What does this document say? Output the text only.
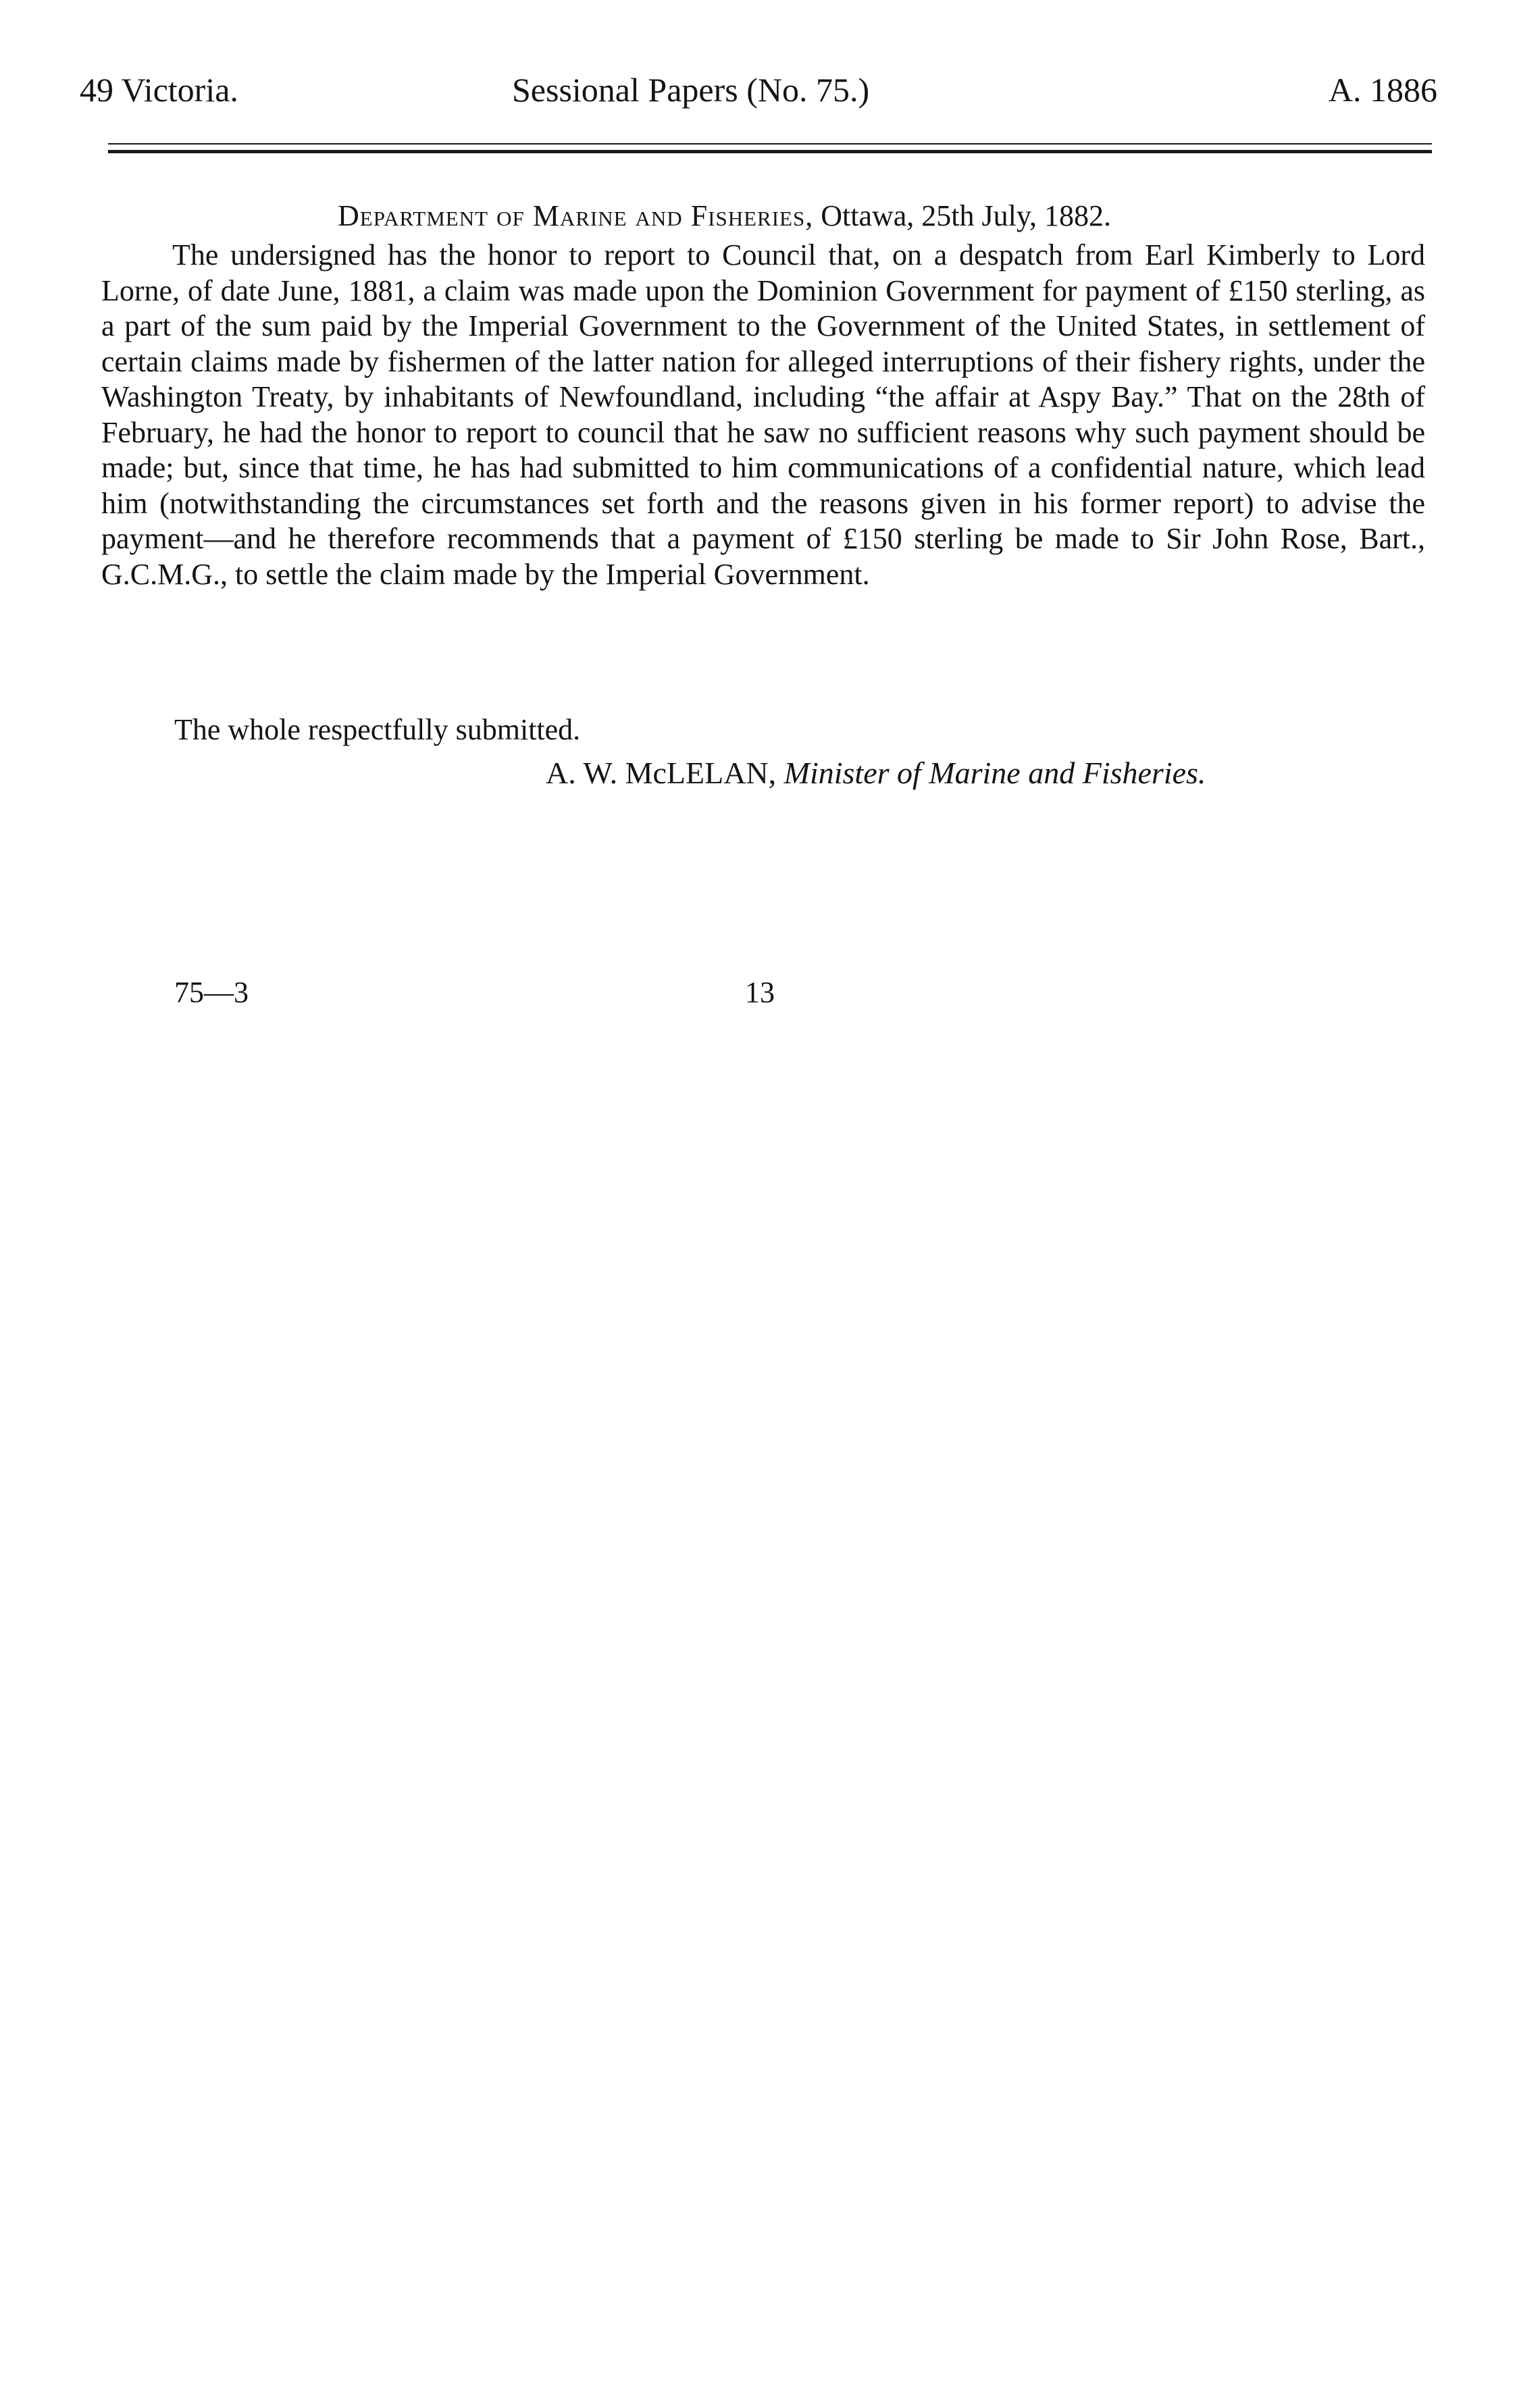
49 Victoria.	Sessional Papers (No. 75.)	A. 1886
Department of Marine and Fisheries, Ottawa, 25th July, 1882.

The undersigned has the honor to report to Council that, on a despatch from Earl Kimberly to Lord Lorne, of date June, 1881, a claim was made upon the Dominion Government for payment of £150 sterling, as a part of the sum paid by the Imperial Government to the Government of the United States, in settlement of certain claims made by fishermen of the latter nation for alleged interruptions of their fishery rights, under the Washington Treaty, by inhabitants of Newfoundland, including “the affair at Aspy Bay.” That on the 28th of February, he had the honor to report to council that he saw no sufficient reasons why such payment should be made; but, since that time, he has had submitted to him communications of a confidential nature, which lead him (notwithstanding the circumstances set forth and the reasons given in his former report) to advise the payment—and he therefore recommends that a payment of £150 sterling be made to Sir John Rose, Bart., G.C.M.G., to settle the claim made by the Imperial Government.

The whole respectfully submitted.

A. W. McLELAN, Minister of Marine and Fisheries.
75—3	13
